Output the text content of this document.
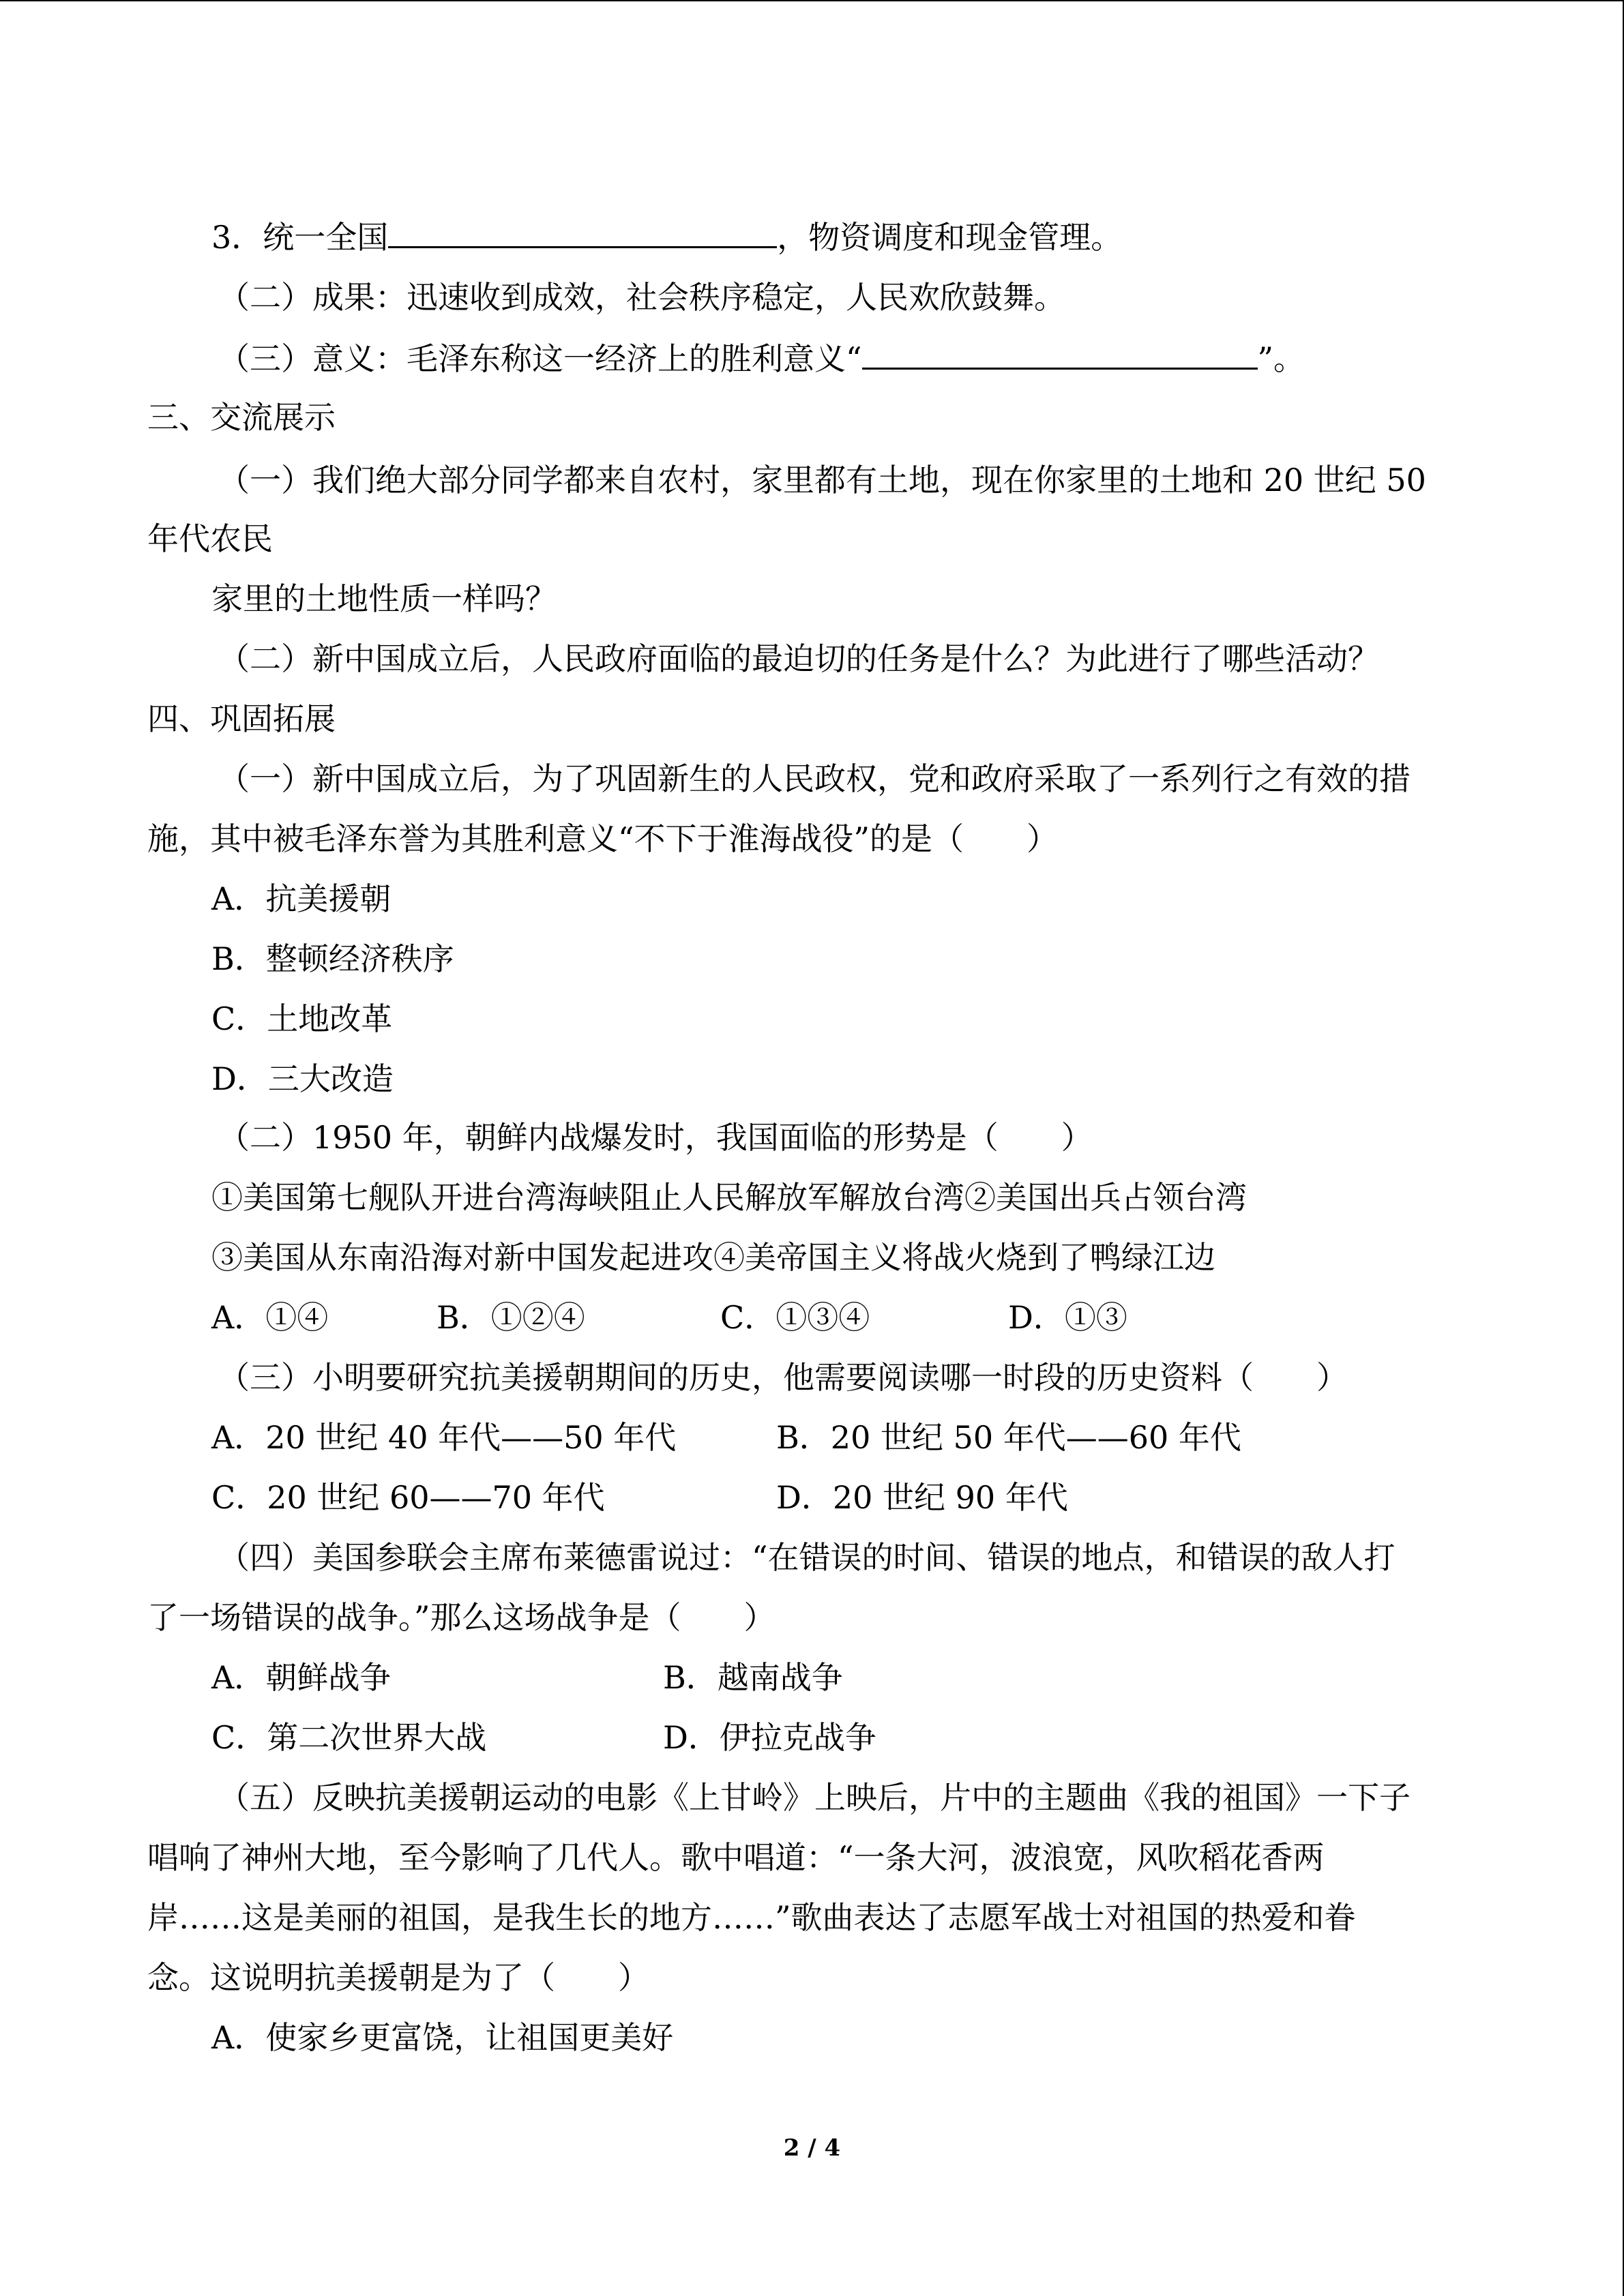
3．统一全国	，物资调度和现金管理。
（二）成果：迅速收到成效，社会秩序稳定，人民欢欣鼓舞。
（三）意义：毛泽东称这一经济上的胜利意义“	”。
三、交流展示
（一）我们绝大部分同学都来自农村，家里都有土地，现在你家里的土地和 20 世纪 50
年代农民
家里的土地性质一样吗？
（二）新中国成立后，人民政府面临的最迫切的任务是什么？为此进行了哪些活动？
四、巩固拓展
（一）新中国成立后，为了巩固新生的人民政权，党和政府采取了一系列行之有效的措
施，其中被毛泽东誉为其胜利意义“不下于淮海战役”的是（　　）
A．抗美援朝
B．整顿经济秩序
C．土地改革
D．三大改造
（二）1950 年，朝鲜内战爆发时，我国面临的形势是（　　）
①美国第七舰队开进台湾海峡阻止人民解放军解放台湾②美国出兵占领台湾
③美国从东南沿海对新中国发起进攻④美帝国主义将战火烧到了鸭绿江边
A．①④	B．①②④	C．①③④	D．①③
（三）小明要研究抗美援朝期间的历史，他需要阅读哪一时段的历史资料（　　）
A．20 世纪 40 年代——50 年代	B．20 世纪 50 年代——60 年代
C．20 世纪 60——70 年代	D．20 世纪 90 年代
（四）美国参联会主席布莱德雷说过：“在错误的时间、错误的地点，和错误的敌人打
了一场错误的战争。”那么这场战争是（　　）
A．朝鲜战争	B．越南战争
C．第二次世界大战	D．伊拉克战争
（五）反映抗美援朝运动的电影《上甘岭》上映后，片中的主题曲《我的祖国》一下子
唱响了神州大地，至今影响了几代人。歌中唱道：“一条大河，波浪宽，风吹稻花香两
岸……这是美丽的祖国，是我生长的地方……”歌曲表达了志愿军战士对祖国的热爱和眷
念。这说明抗美援朝是为了（　　）
A．使家乡更富饶，让祖国更美好
2 / 4
